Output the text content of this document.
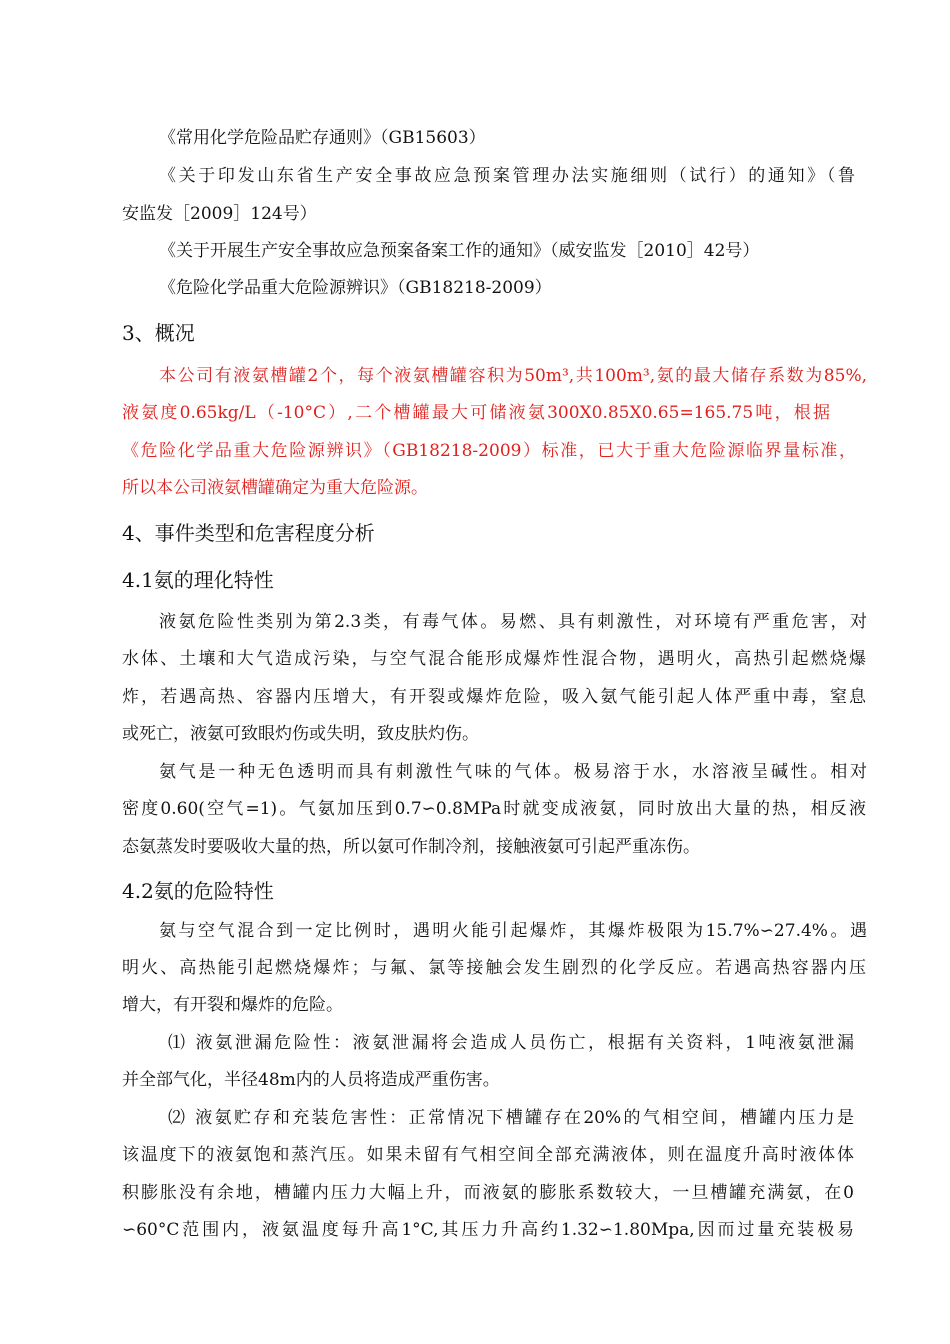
《常用化学危险品贮存通则》（GB15603）
《关于印发山东省生产安全事故应急预案管理办法实施细则（试行）的通知》（鲁
安监发［2009］124号）
《关于开展生产安全事故应急预案备案工作的通知》（威安监发［2010］42号）
《危险化学品重大危险源辨识》（GB18218-2009）
3、概况
本公司有液氨槽罐2个，每个液氨槽罐容积为50m³,共100m³,氨的最大储存系数为85%,
液氨度0.65kg/L（-10°C）,二个槽罐最大可储液氨300X0.85X0.65=165.75吨，根据
《危险化学品重大危险源辨识》（GB18218-2009）标准，已大于重大危险源临界量标准，
所以本公司液氨槽罐确定为重大危险源。
4、事件类型和危害程度分析
4.1氨的理化特性
液氨危险性类别为第2.3类，有毒气体。易燃、具有刺激性，对环境有严重危害，对
水体、土壤和大气造成污染，与空气混合能形成爆炸性混合物，遇明火，高热引起燃烧爆
炸，若遇高热、容器内压增大，有开裂或爆炸危险，吸入氨气能引起人体严重中毒，窒息
或死亡，液氨可致眼灼伤或失明，致皮肤灼伤。
氨气是一种无色透明而具有刺激性气味的气体。极易溶于水，水溶液呈碱性。相对
密度0.60(空气=1)。气氨加压到0.7∽0.8MPa时就变成液氨，同时放出大量的热，相反液
态氨蒸发时要吸收大量的热，所以氨可作制冷剂，接触液氨可引起严重冻伤。
4.2氨的危险特性
氨与空气混合到一定比例时，遇明火能引起爆炸，其爆炸极限为15.7%∽27.4%。遇
明火、高热能引起燃烧爆炸；与氟、氯等接触会发生剧烈的化学反应。若遇高热容器内压
增大，有开裂和爆炸的危险。
⑴ 液氨泄漏危险性：液氨泄漏将会造成人员伤亡，根据有关资料，1吨液氨泄漏
并全部气化，半径48m内的人员将造成严重伤害。
⑵ 液氨贮存和充装危害性：正常情况下槽罐存在20%的气相空间，槽罐内压力是
该温度下的液氨饱和蒸汽压。如果未留有气相空间全部充满液体，则在温度升高时液体体
积膨胀没有余地，槽罐内压力大幅上升，而液氨的膨胀系数较大，一旦槽罐充满氨，在0
∽60°C范围内，液氨温度每升高1°C,其压力升高约1.32∽1.80Mpa,因而过量充装极易
